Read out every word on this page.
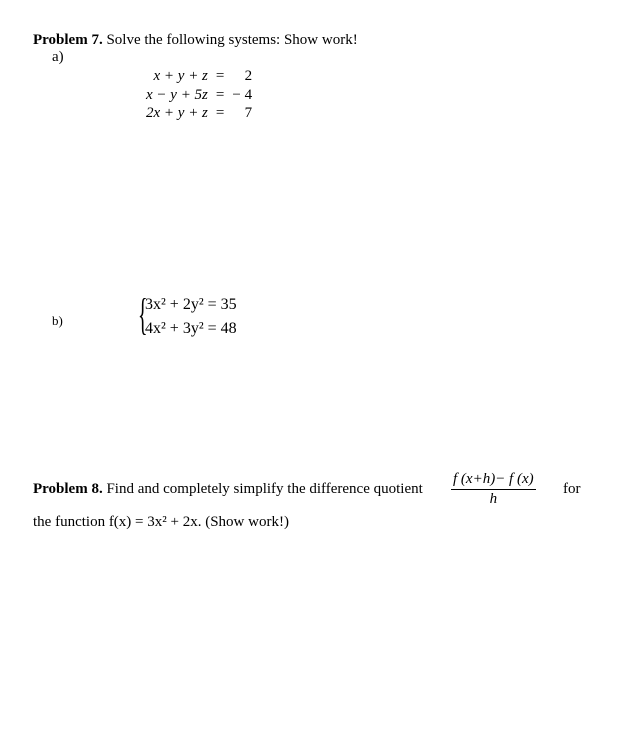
Problem 7. Solve the following systems: Show work!
a)
x + y + z =	2
x − y + 5z = − 4
2x + y + z =	7
b) {
3x² + 2y² = 35
4x² + 3y² = 48
Problem 8. Find and completely simplify the difference quotient $\frac{f (x+h)- f (x)}{h}$ for
the function f(x) = 3x² + 2x. (Show work!)
